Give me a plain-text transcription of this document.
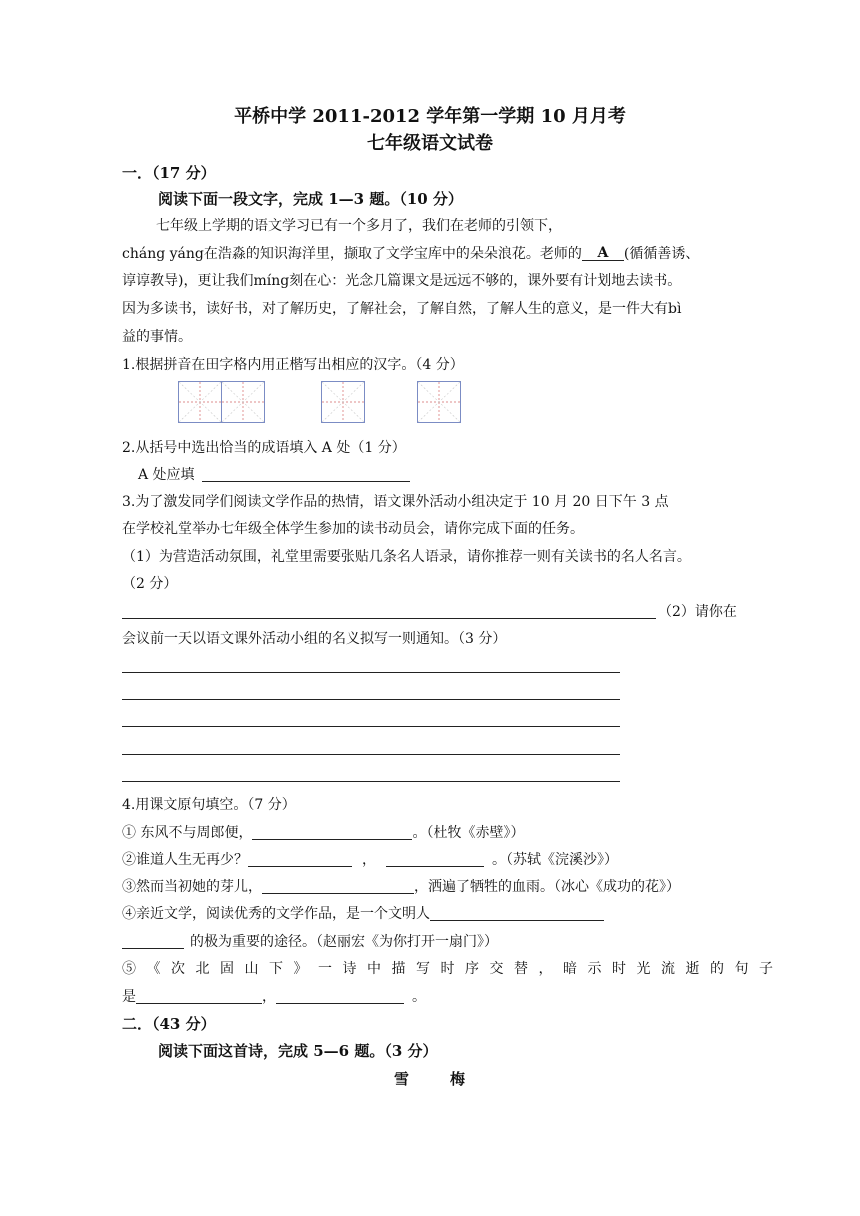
平桥中学 2011-2012 学年第一学期 10 月月考
七年级语文试卷
一．（17 分）
阅读下面一段文字，完成 1—3 题。（10 分）
七年级上学期的语文学习已有一个多月了，我们在老师的引领下，
cháng yáng在浩淼的知识海洋里，撷取了文学宝库中的朵朵浪花。老师的 A (循循善诱、
谆谆教导)，更让我们míng刻在心：光念几篇课文是远远不够的，课外要有计划地去读书。
因为多读书，读好书，对了解历史，了解社会，了解自然，了解人生的意义，是一件大有bì
益的事情。
1.根据拼音在田字格内用正楷写出相应的汉字。（4 分）
2.从括号中选出恰当的成语填入 A 处（1 分）
A 处应填
3.为了激发同学们阅读文学作品的热情，语文课外活动小组决定于 10 月 20 日下午 3 点
在学校礼堂举办七年级全体学生参加的读书动员会，请你完成下面的任务。
（1）为营造活动氛围，礼堂里需要张贴几条名人语录，请你推荐一则有关读书的名人名言。
（2 分）
（2）请你在
会议前一天以语文课外活动小组的名义拟写一则通知。（3 分）
4.用课文原句填空。（7 分）
① 东风不与周郎便，	。（杜牧《赤壁》）
②谁道人生无再少？	，	。（苏轼《浣溪沙》）
③然而当初她的芽儿，	，洒遍了牺牲的血雨。（冰心《成功的花》）
④亲近文学，阅读优秀的文学作品，是一个文明人
的极为重要的途径。（赵丽宏《为你打开一扇门》）
⑤《次北固山下》一诗中描写时序交替，暗示时光流逝的句子
是	，	。
二．（43 分）
阅读下面这首诗，完成 5—6 题。（3 分）
雪	梅
